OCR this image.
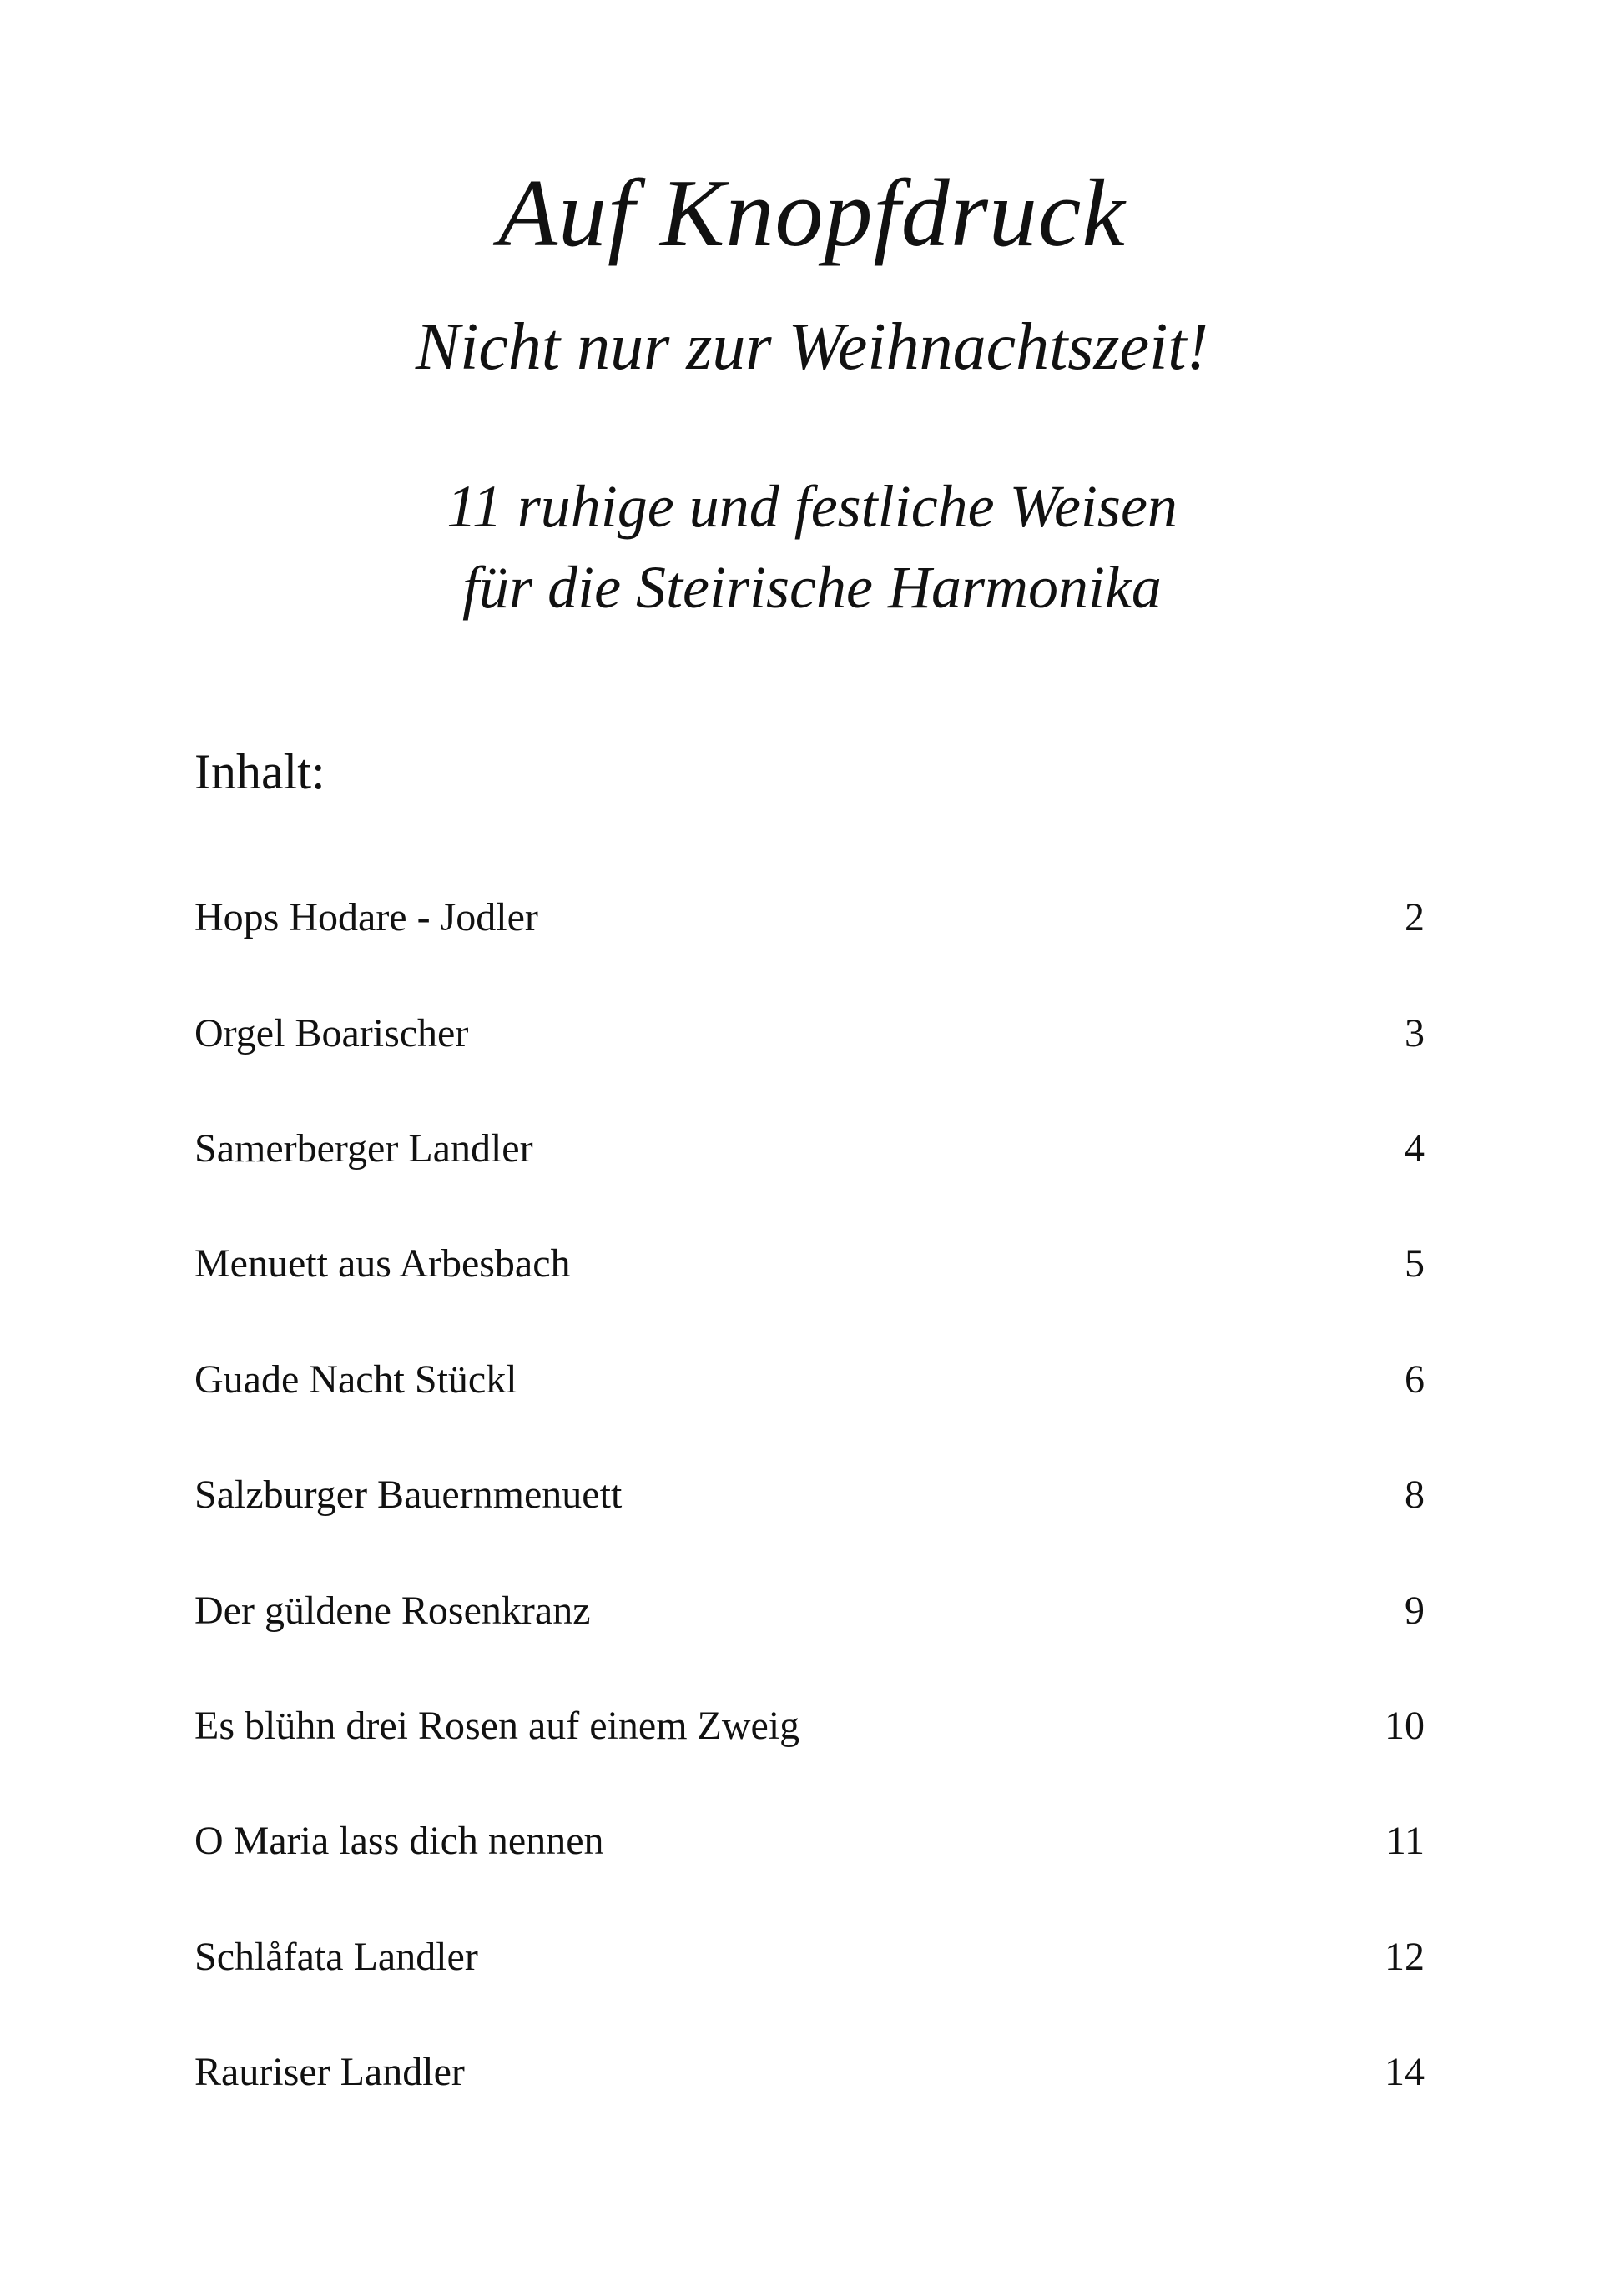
Auf Knopfdruck
Nicht nur zur Weihnachtszeit!
11 ruhige und festliche Weisen
für die Steirische Harmonika
Inhalt:
Hops Hodare - Jodler	2
Orgel Boarischer	3
Samerberger Landler	4
Menuett aus Arbesbach	5
Guade Nacht Stückl	6
Salzburger Bauernmenuett	8
Der güldene Rosenkranz	9
Es blühn drei Rosen auf einem Zweig	10
O Maria lass dich nennen	11
Schlåfata Landler	12
Rauriser Landler	14
